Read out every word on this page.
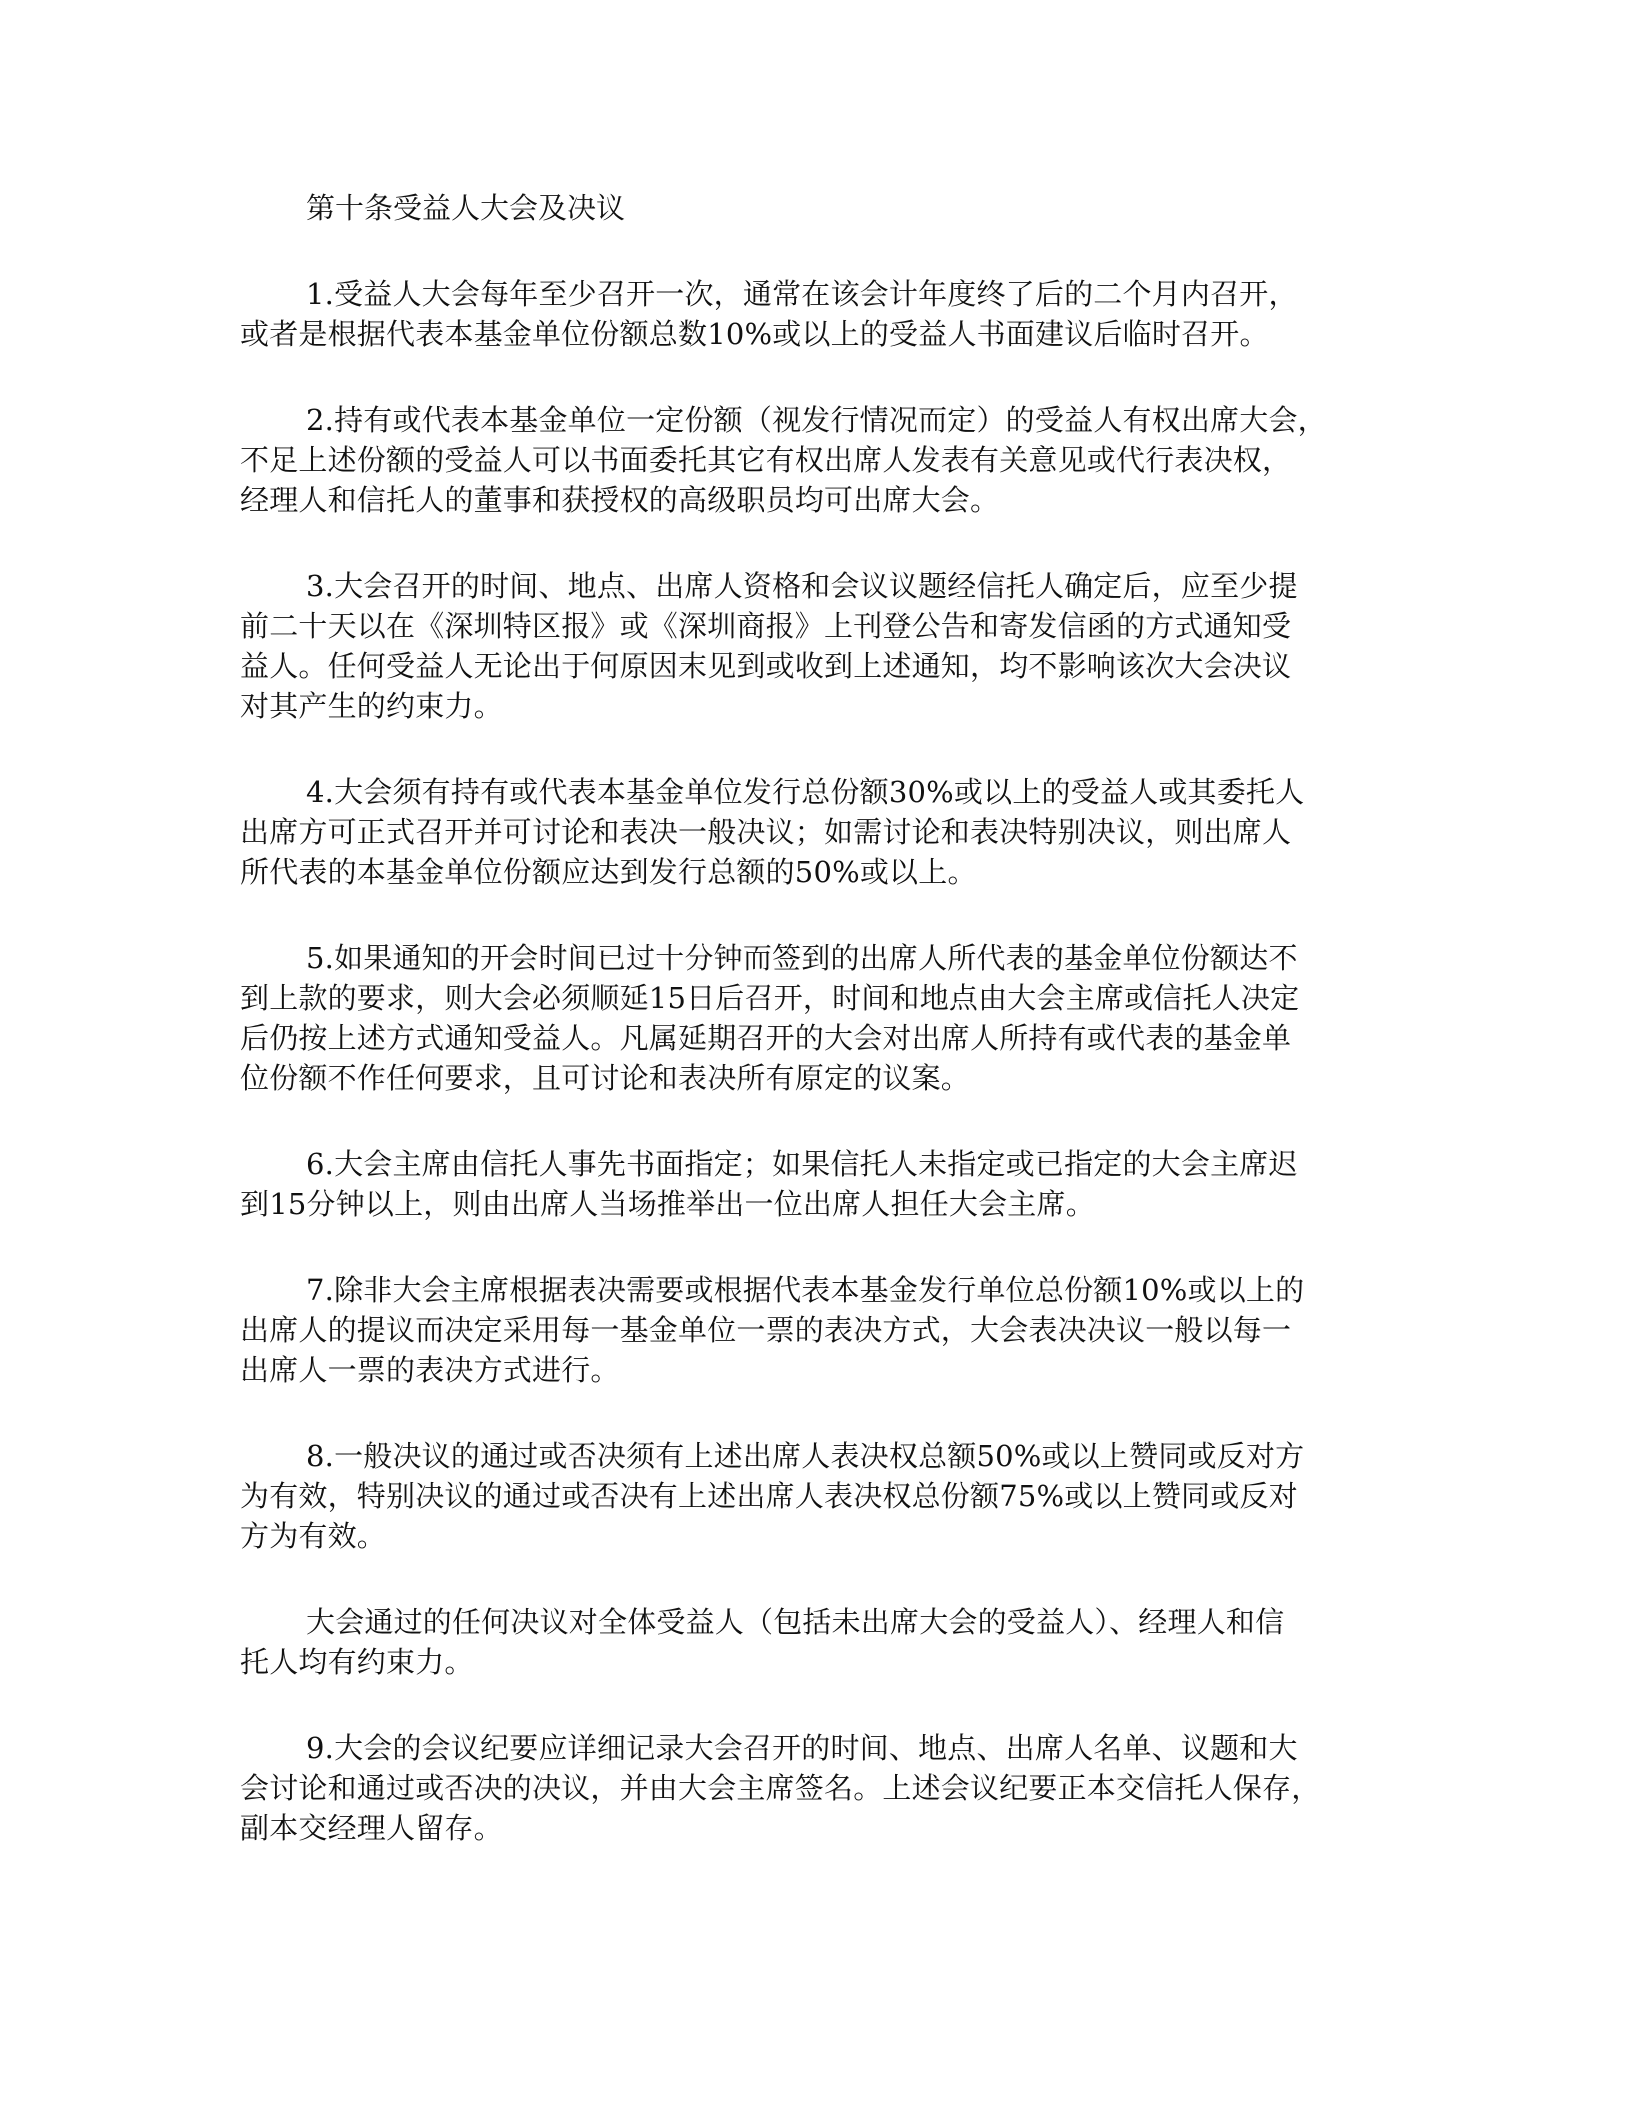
第十条受益人大会及决议
1.受益人大会每年至少召开一次，通常在该会计年度终了后的二个月内召开，
或者是根据代表本基金单位份额总数10%或以上的受益人书面建议后临时召开。
2.持有或代表本基金单位一定份额（视发行情况而定）的受益人有权出席大会，
不足上述份额的受益人可以书面委托其它有权出席人发表有关意见或代行表决权，
经理人和信托人的董事和获授权的高级职员均可出席大会。
3.大会召开的时间、地点、出席人资格和会议议题经信托人确定后，应至少提
前二十天以在《深圳特区报》或《深圳商报》上刊登公告和寄发信函的方式通知受
益人。任何受益人无论出于何原因末见到或收到上述通知，均不影响该次大会决议
对其产生的约束力。
4.大会须有持有或代表本基金单位发行总份额30%或以上的受益人或其委托人
出席方可正式召开并可讨论和表决一般决议；如需讨论和表决特别决议，则出席人
所代表的本基金单位份额应达到发行总额的50%或以上。
5.如果通知的开会时间已过十分钟而签到的出席人所代表的基金单位份额达不
到上款的要求，则大会必须顺延15日后召开，时间和地点由大会主席或信托人决定
后仍按上述方式通知受益人。凡属延期召开的大会对出席人所持有或代表的基金单
位份额不作任何要求，且可讨论和表决所有原定的议案。
6.大会主席由信托人事先书面指定；如果信托人未指定或已指定的大会主席迟
到15分钟以上，则由出席人当场推举出一位出席人担任大会主席。
7.除非大会主席根据表决需要或根据代表本基金发行单位总份额10%或以上的
出席人的提议而决定采用每一基金单位一票的表决方式，大会表决决议一般以每一
出席人一票的表决方式进行。
8.一般决议的通过或否决须有上述出席人表决权总额50%或以上赞同或反对方
为有效，特别决议的通过或否决有上述出席人表决权总份额75%或以上赞同或反对
方为有效。
大会通过的任何决议对全体受益人（包括未出席大会的受益人）、经理人和信
托人均有约束力。
9.大会的会议纪要应详细记录大会召开的时间、地点、出席人名单、议题和大
会讨论和通过或否决的决议，并由大会主席签名。上述会议纪要正本交信托人保存，
副本交经理人留存。
